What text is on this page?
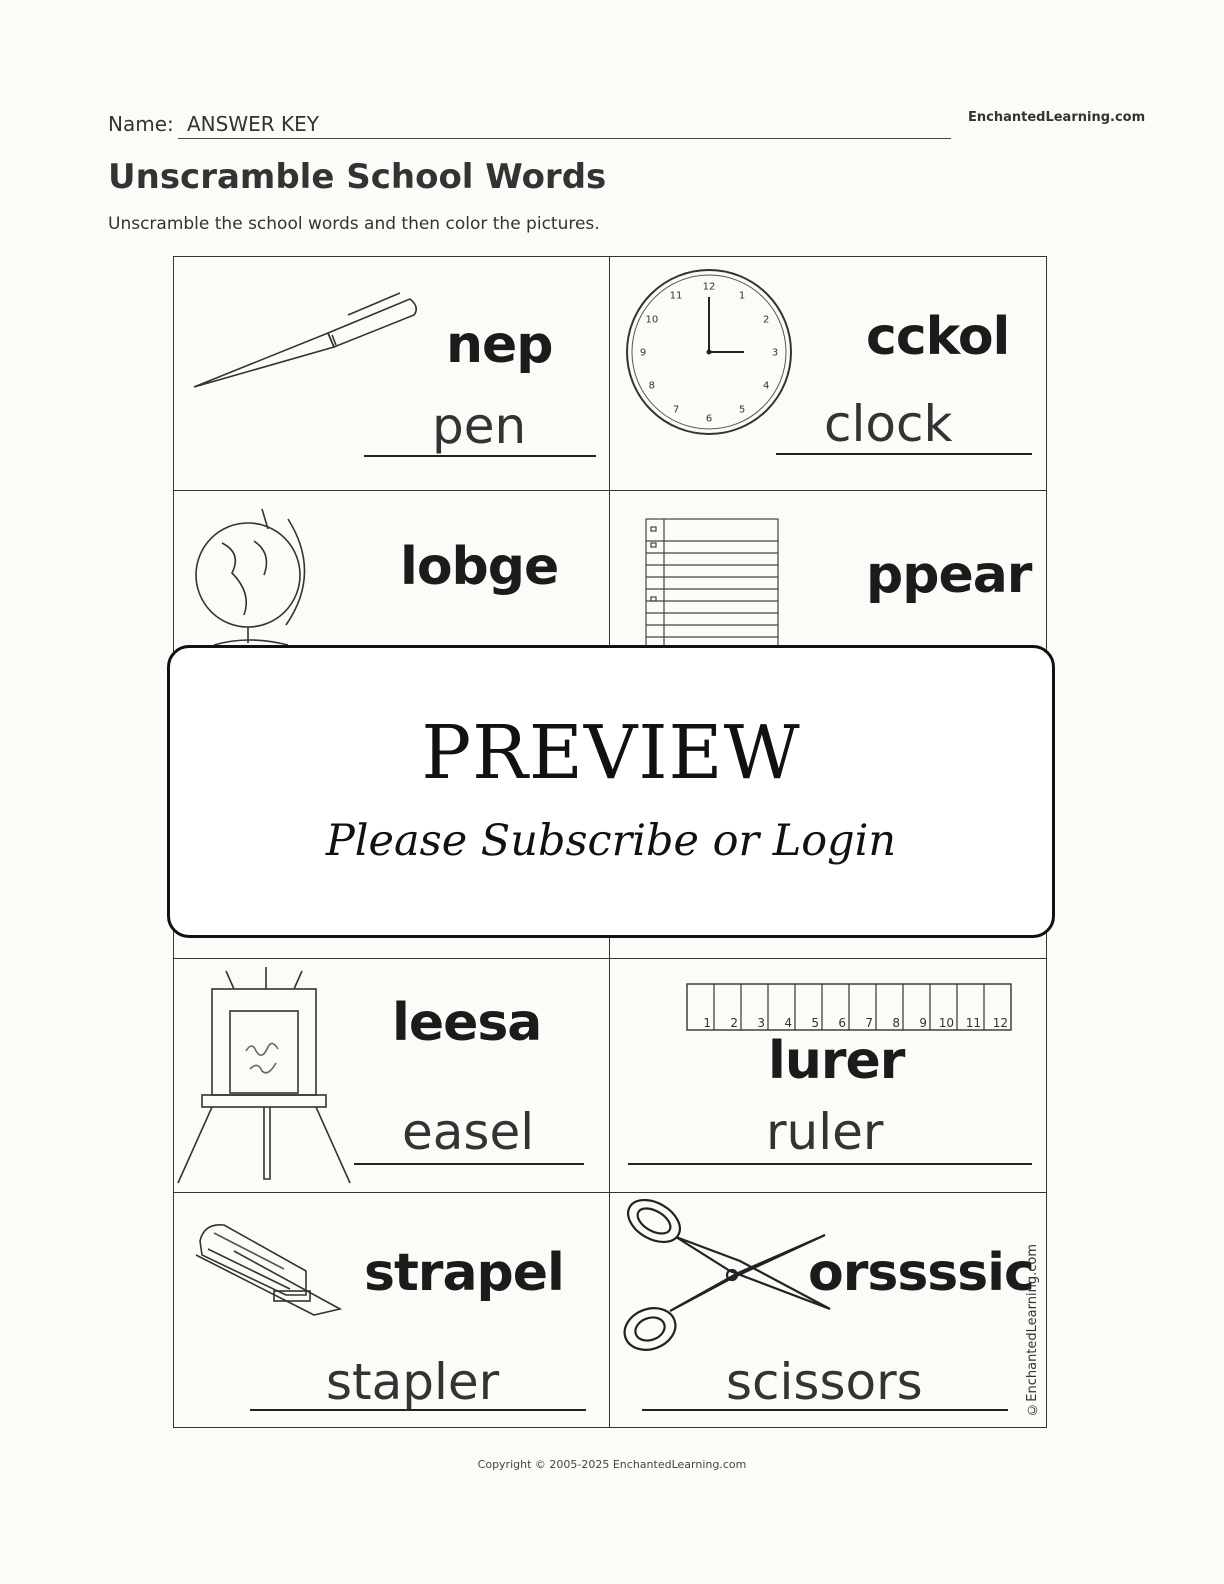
Name: ANSWER KEY	EnchantedLearning.com
Unscramble School Words
Unscramble the school words and then color the pictures.
nep
pen
12
1
2
3
4
5
6
7
8
9
10
11
cckol
clock
lobge	ppear
leesa
easel
1 2 3 4 5 6 7 8 9 10 11 12
lurer
ruler
strapel
stapler
orssssic
scissors	©EnchantedLearning.com
PREVIEW
Please Subscribe or Login
Copyright © 2005-2025 EnchantedLearning.com
